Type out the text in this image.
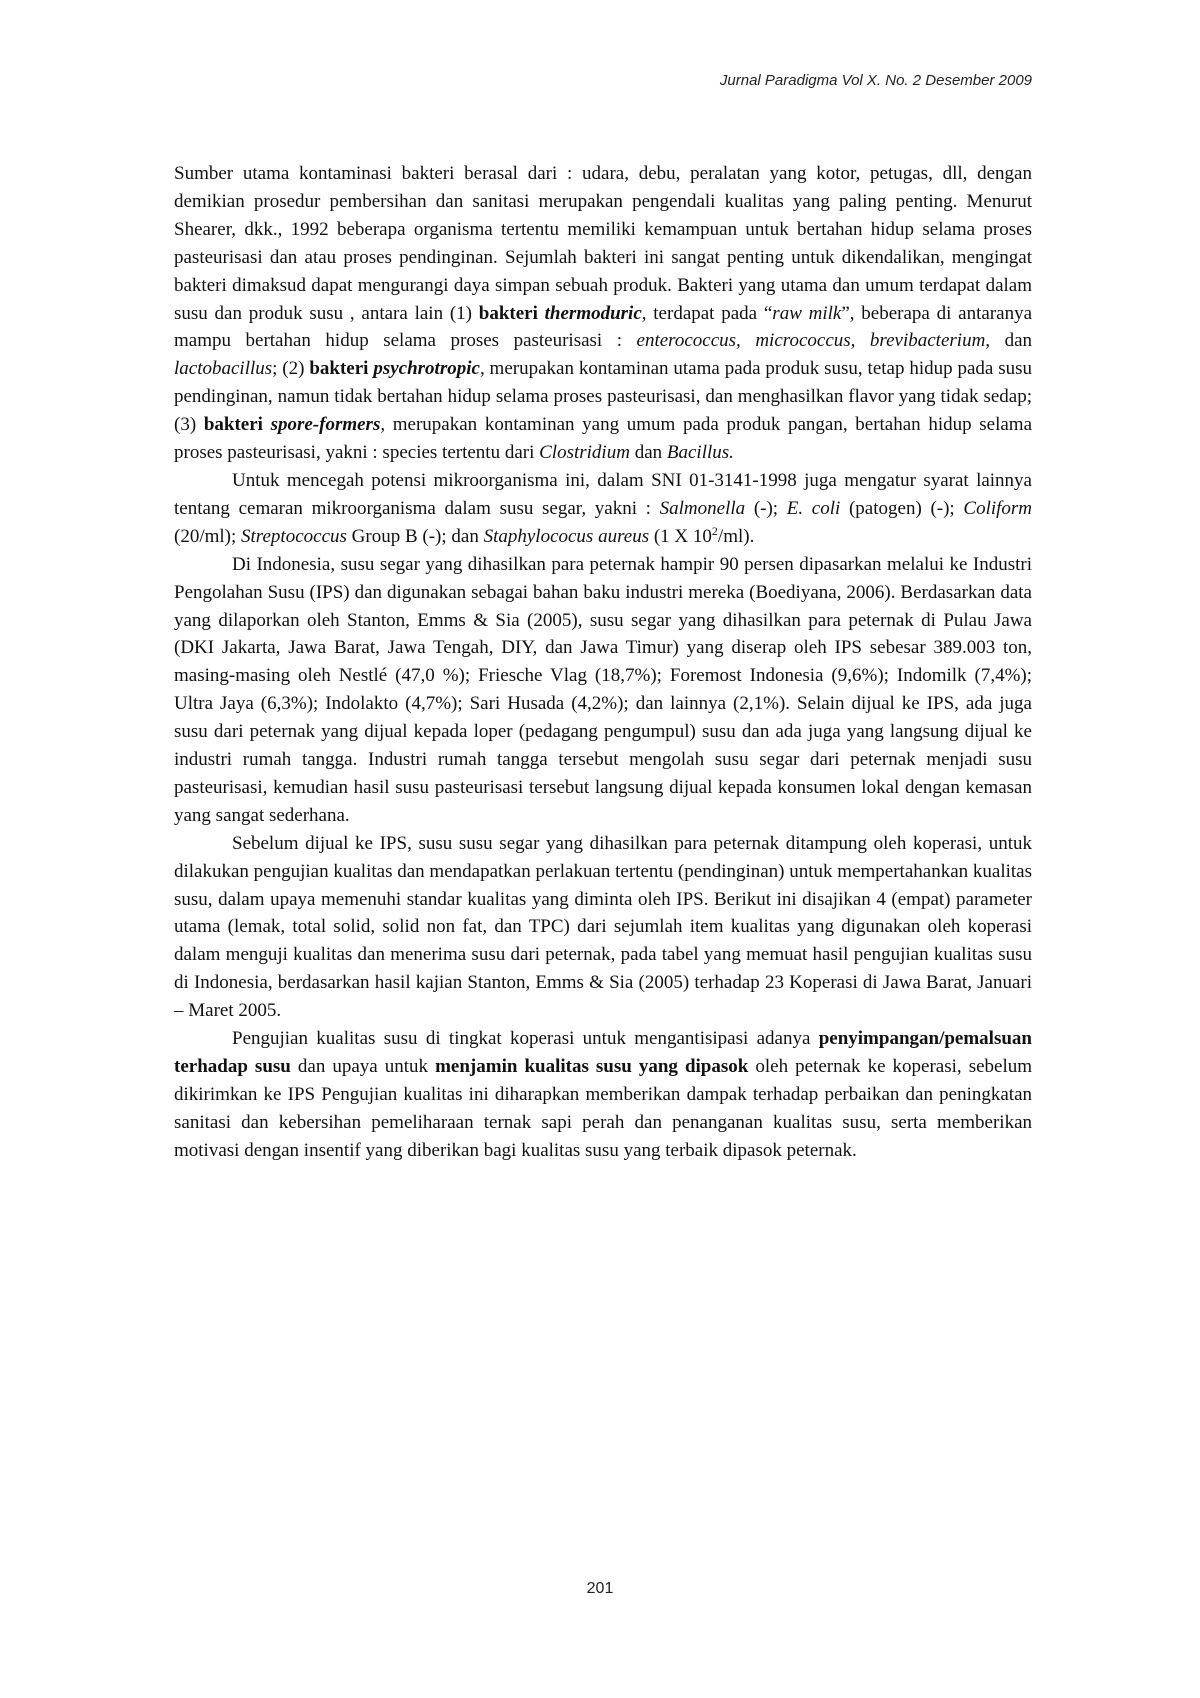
Jurnal Paradigma Vol X. No. 2 Desember 2009

Sumber utama kontaminasi bakteri berasal dari : udara, debu, peralatan yang kotor, petugas, dll, dengan demikian prosedur pembersihan dan sanitasi merupakan pengendali kualitas yang paling penting. Menurut Shearer, dkk., 1992 beberapa organisma tertentu memiliki kemampuan untuk bertahan hidup selama proses pasteurisasi dan atau proses pendinginan. Sejumlah bakteri ini sangat penting untuk dikendalikan, mengingat bakteri dimaksud dapat mengurangi daya simpan sebuah produk. Bakteri yang utama dan umum terdapat dalam susu dan produk susu , antara lain (1) bakteri thermoduric, terdapat pada “raw milk”, beberapa di antaranya mampu bertahan hidup selama proses pasteurisasi : enterococcus, micrococcus, brevibacterium, dan lactobacillus; (2) bakteri psychrotropic, merupakan kontaminan utama pada produk susu, tetap hidup pada susu pendinginan, namun tidak bertahan hidup selama proses pasteurisasi, dan menghasilkan flavor yang tidak sedap; (3) bakteri spore-formers, merupakan kontaminan yang umum pada produk pangan, bertahan hidup selama proses pasteurisasi, yakni : species tertentu dari Clostridium dan Bacillus.

Untuk mencegah potensi mikroorganisma ini, dalam SNI 01-3141-1998 juga mengatur syarat lainnya tentang cemaran mikroorganisma dalam susu segar, yakni : Salmonella (-); E. coli (patogen) (-); Coliform (20/ml); Streptococcus Group B (-); dan Staphylococus aureus (1 X $10^2/ml$).

Di Indonesia, susu segar yang dihasilkan para peternak hampir 90 persen dipasarkan melalui ke Industri Pengolahan Susu (IPS) dan digunakan sebagai bahan baku industri mereka (Boediyana, 2006). Berdasarkan data yang dilaporkan oleh Stanton, Emms & Sia (2005), susu segar yang dihasilkan para peternak di Pulau Jawa (DKI Jakarta, Jawa Barat, Jawa Tengah, DIY, dan Jawa Timur) yang diserap oleh IPS sebesar 389.003 ton, masing-masing oleh Nestlé (47,0 %); Friesche Vlag (18,7%); Foremost Indonesia (9,6%); Indomilk (7,4%); Ultra Jaya (6,3%); Indolakto (4,7%); Sari Husada (4,2%); dan lainnya (2,1%). Selain dijual ke IPS, ada juga susu dari peternak yang dijual kepada loper (pedagang pengumpul) susu dan ada juga yang langsung dijual ke industri rumah tangga. Industri rumah tangga tersebut mengolah susu segar dari peternak menjadi susu pasteurisasi, kemudian hasil susu pasteurisasi tersebut langsung dijual kepada konsumen lokal dengan kemasan yang sangat sederhana.

Sebelum dijual ke IPS, susu susu segar yang dihasilkan para peternak ditampung oleh koperasi, untuk dilakukan pengujian kualitas dan mendapatkan perlakuan tertentu (pendinginan) untuk mempertahankan kualitas susu, dalam upaya memenuhi standar kualitas yang diminta oleh IPS. Berikut ini disajikan 4 (empat) parameter utama (lemak, total solid, solid non fat, dan TPC) dari sejumlah item kualitas yang digunakan oleh koperasi dalam menguji kualitas dan menerima susu dari peternak, pada tabel yang memuat hasil pengujian kualitas susu di Indonesia, berdasarkan hasil kajian Stanton, Emms & Sia (2005) terhadap 23 Koperasi di Jawa Barat, Januari – Maret 2005.

Pengujian kualitas susu di tingkat koperasi untuk mengantisipasi adanya penyimpangan/pemalsuan terhadap susu dan upaya untuk menjamin kualitas susu yang dipasok oleh peternak ke koperasi, sebelum dikirimkan ke IPS Pengujian kualitas ini diharapkan memberikan dampak terhadap perbaikan dan peningkatan sanitasi dan kebersihan pemeliharaan ternak sapi perah dan penanganan kualitas susu, serta memberikan motivasi dengan insentif yang diberikan bagi kualitas susu yang terbaik dipasok peternak.

201
